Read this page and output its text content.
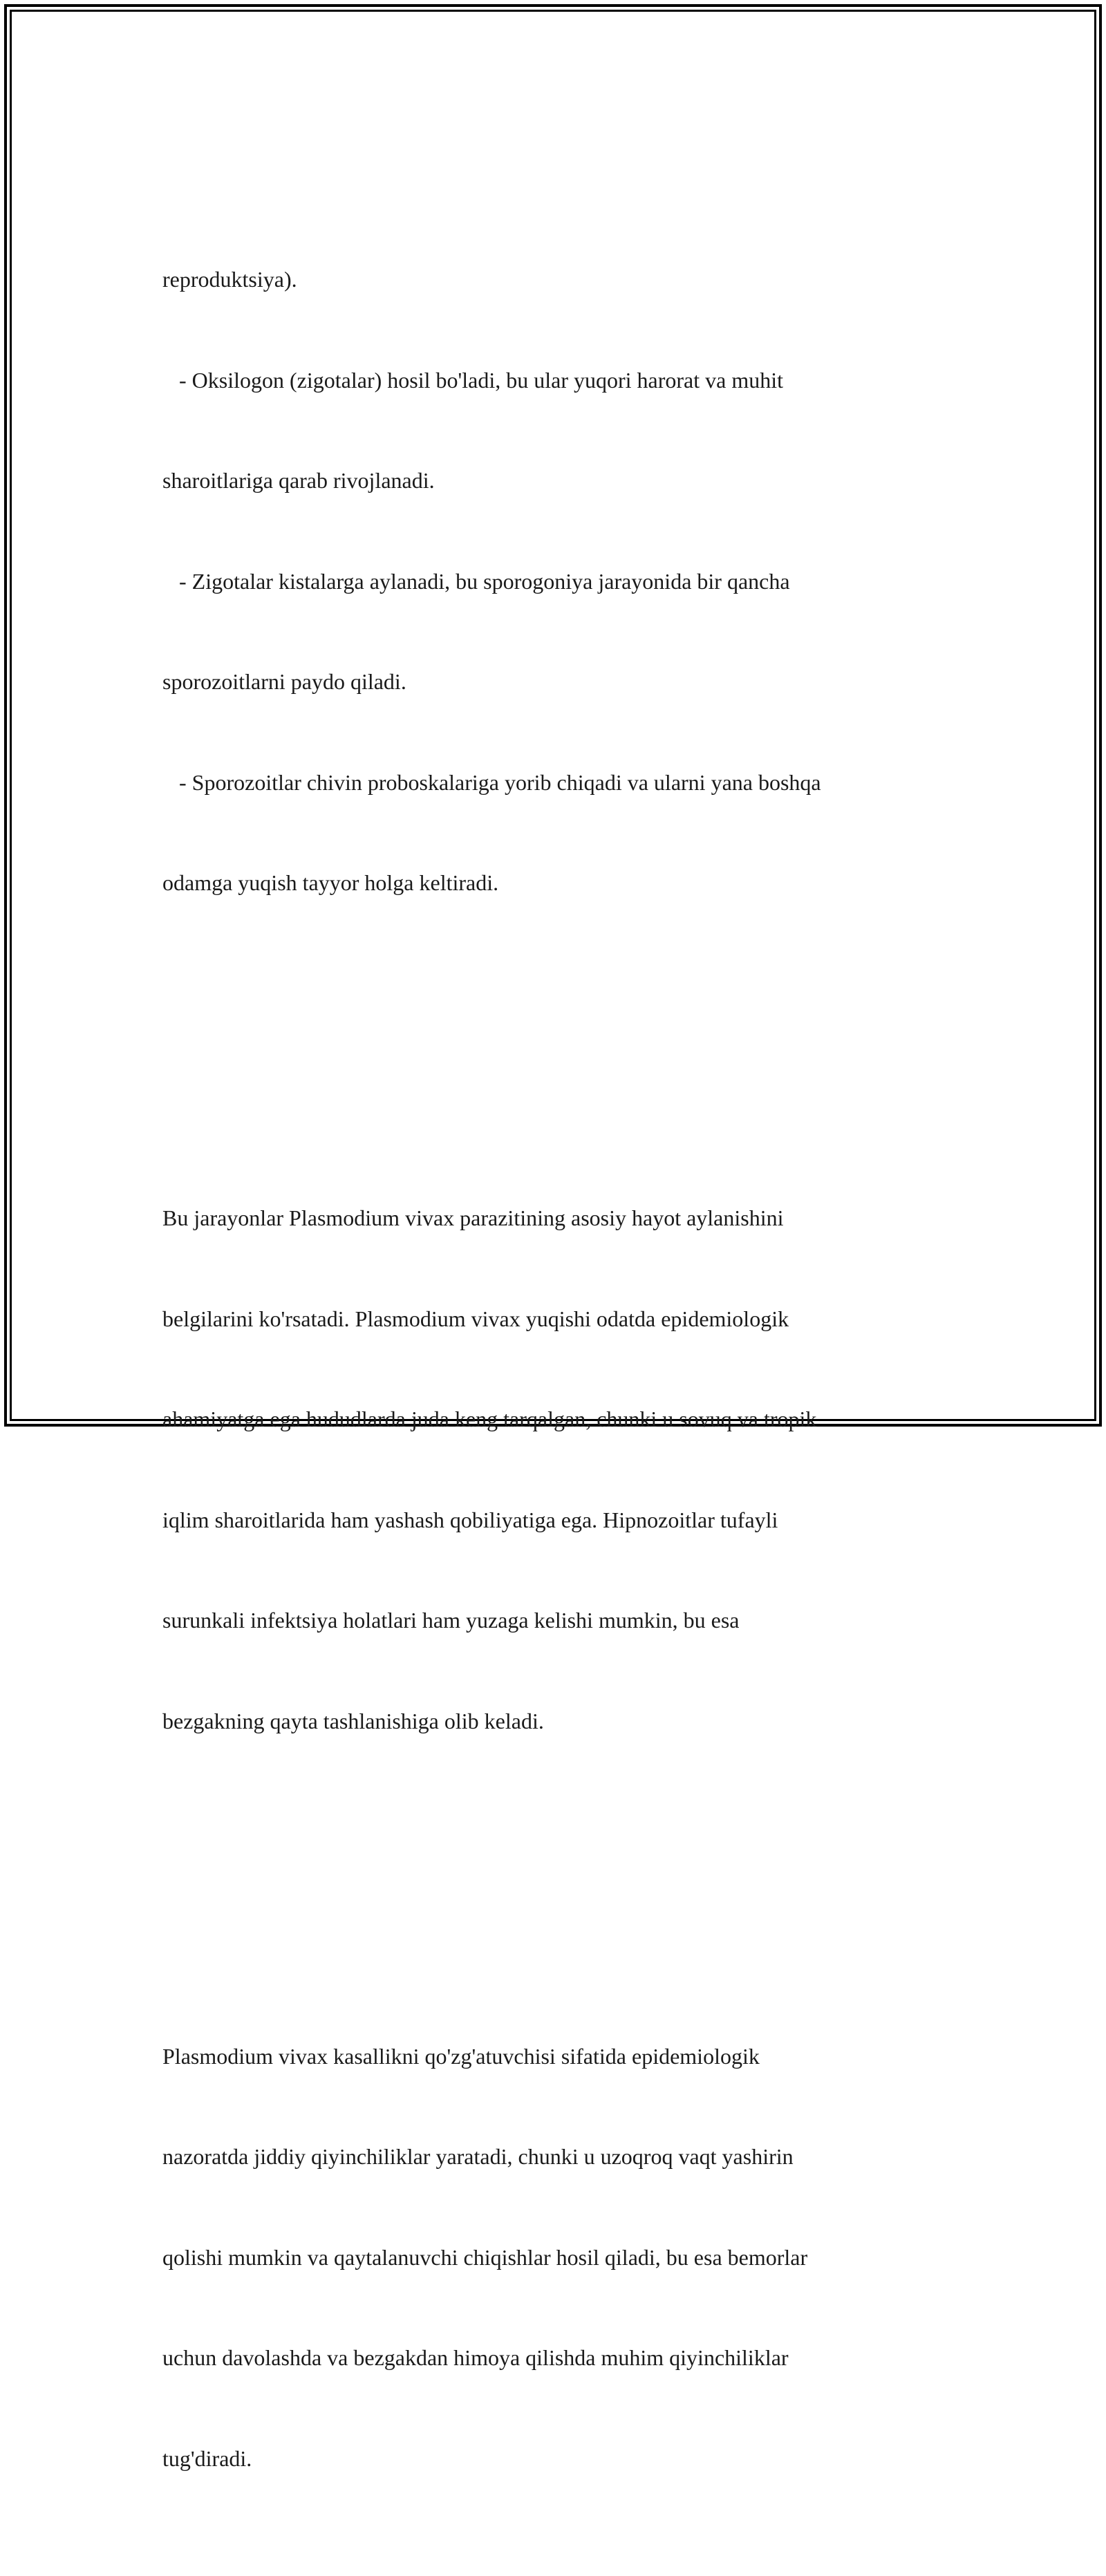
reproduktsiya).

- Oksilogon (zigotalar) hosil bo'ladi, bu ular yuqori harorat va muhit

sharoitlariga qarab rivojlanadi.

- Zigotalar kistalarga aylanadi, bu sporogoniya jarayonida bir qancha

sporozoitlarni paydo qiladi.

- Sporozoitlar chivin proboskalariga yorib chiqadi va ularni yana boshqa

odamga yuqish tayyor holga keltiradi.

Bu jarayonlar Plasmodium vivax parazitining asosiy hayot aylanishini

belgilarini ko'rsatadi. Plasmodium vivax yuqishi odatda epidemiologik

ahamiyatga ega hududlarda juda keng tarqalgan, chunki u sovuq va tropik

iqlim sharoitlarida ham yashash qobiliyatiga ega. Hipnozoitlar tufayli

surunkali infektsiya holatlari ham yuzaga kelishi mumkin, bu esa

bezgakning qayta tashlanishiga olib keladi.

Plasmodium vivax kasallikni qo'zg'atuvchisi sifatida epidemiologik

nazoratda jiddiy qiyinchiliklar yaratadi, chunki u uzoqroq vaqt yashirin

qolishi mumkin va qaytalanuvchi chiqishlar hosil qiladi, bu esa bemorlar

uchun davolashda va bezgakdan himoya qilishda muhim qiyinchiliklar

tug'diradi.
